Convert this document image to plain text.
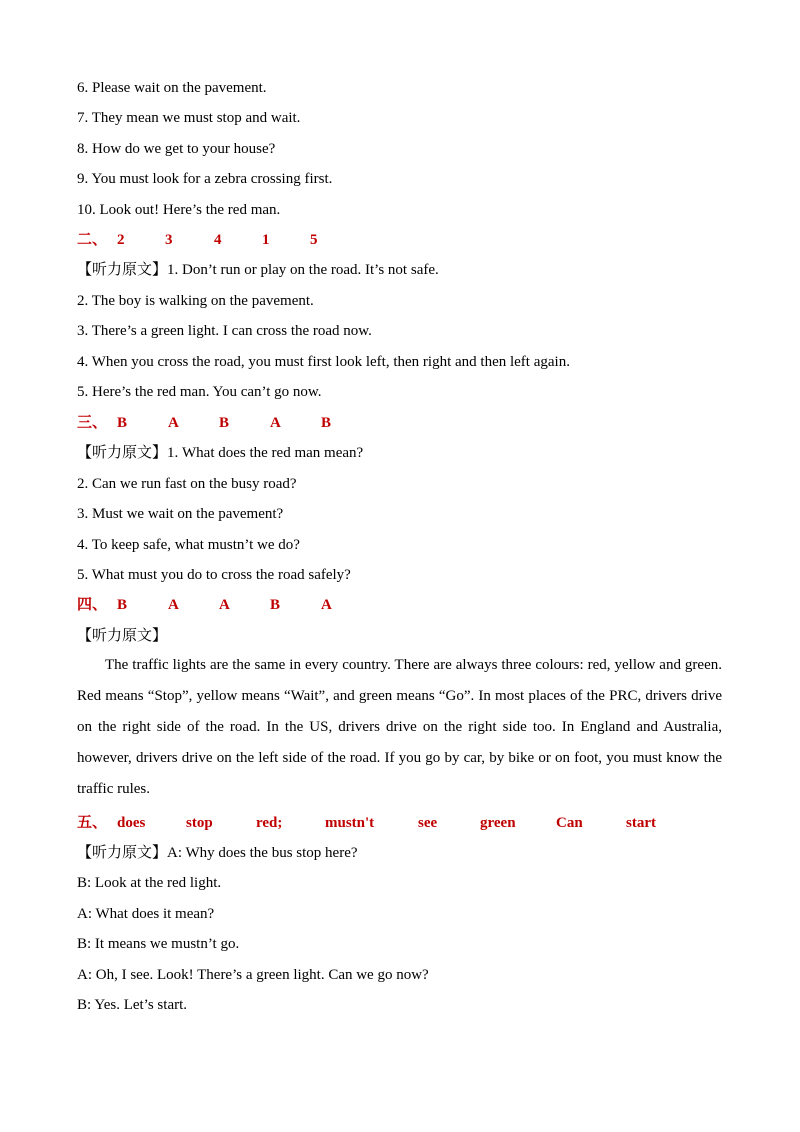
6. Please wait on the pavement.
7. They mean we must stop and wait.
8. How do we get to your house?
9. You must look for a zebra crossing first.
10. Look out! Here’s the red man.
二、 2	3	4	1	5
【听力原文】1. Don’t run or play on the road. It’s not safe.
2. The boy is walking on the pavement.
3. There’s a green light. I can cross the road now.
4. When you cross the road, you must first look left, then right and then left again.
5. Here’s the red man. You can’t go now.
三、 B	A	B	A	B
【听力原文】1. What does the red man mean?
2. Can we run fast on the busy road?
3. Must we wait on the pavement?
4. To keep safe, what mustn’t we do?
5. What must you do to cross the road safely?
四、 B	A	A	B	A
【听力原文】
The traffic lights are the same in every country. There are always three colours: red, yellow and green. Red means “Stop”, yellow means “Wait”, and green means “Go”. In most places of the PRC, drivers drive on the right side of the road. In the US, drivers drive on the right side too. In England and Australia, however, drivers drive on the left side of the road. If you go by car, by bike or on foot, you must know the traffic rules.
五、 does	stop	red;	mustn't	see	green	Can	start
【听力原文】A: Why does the bus stop here?
B: Look at the red light.
A: What does it mean?
B: It means we mustn’t go.
A: Oh, I see. Look! There’s a green light. Can we go now?
B: Yes. Let’s start.
